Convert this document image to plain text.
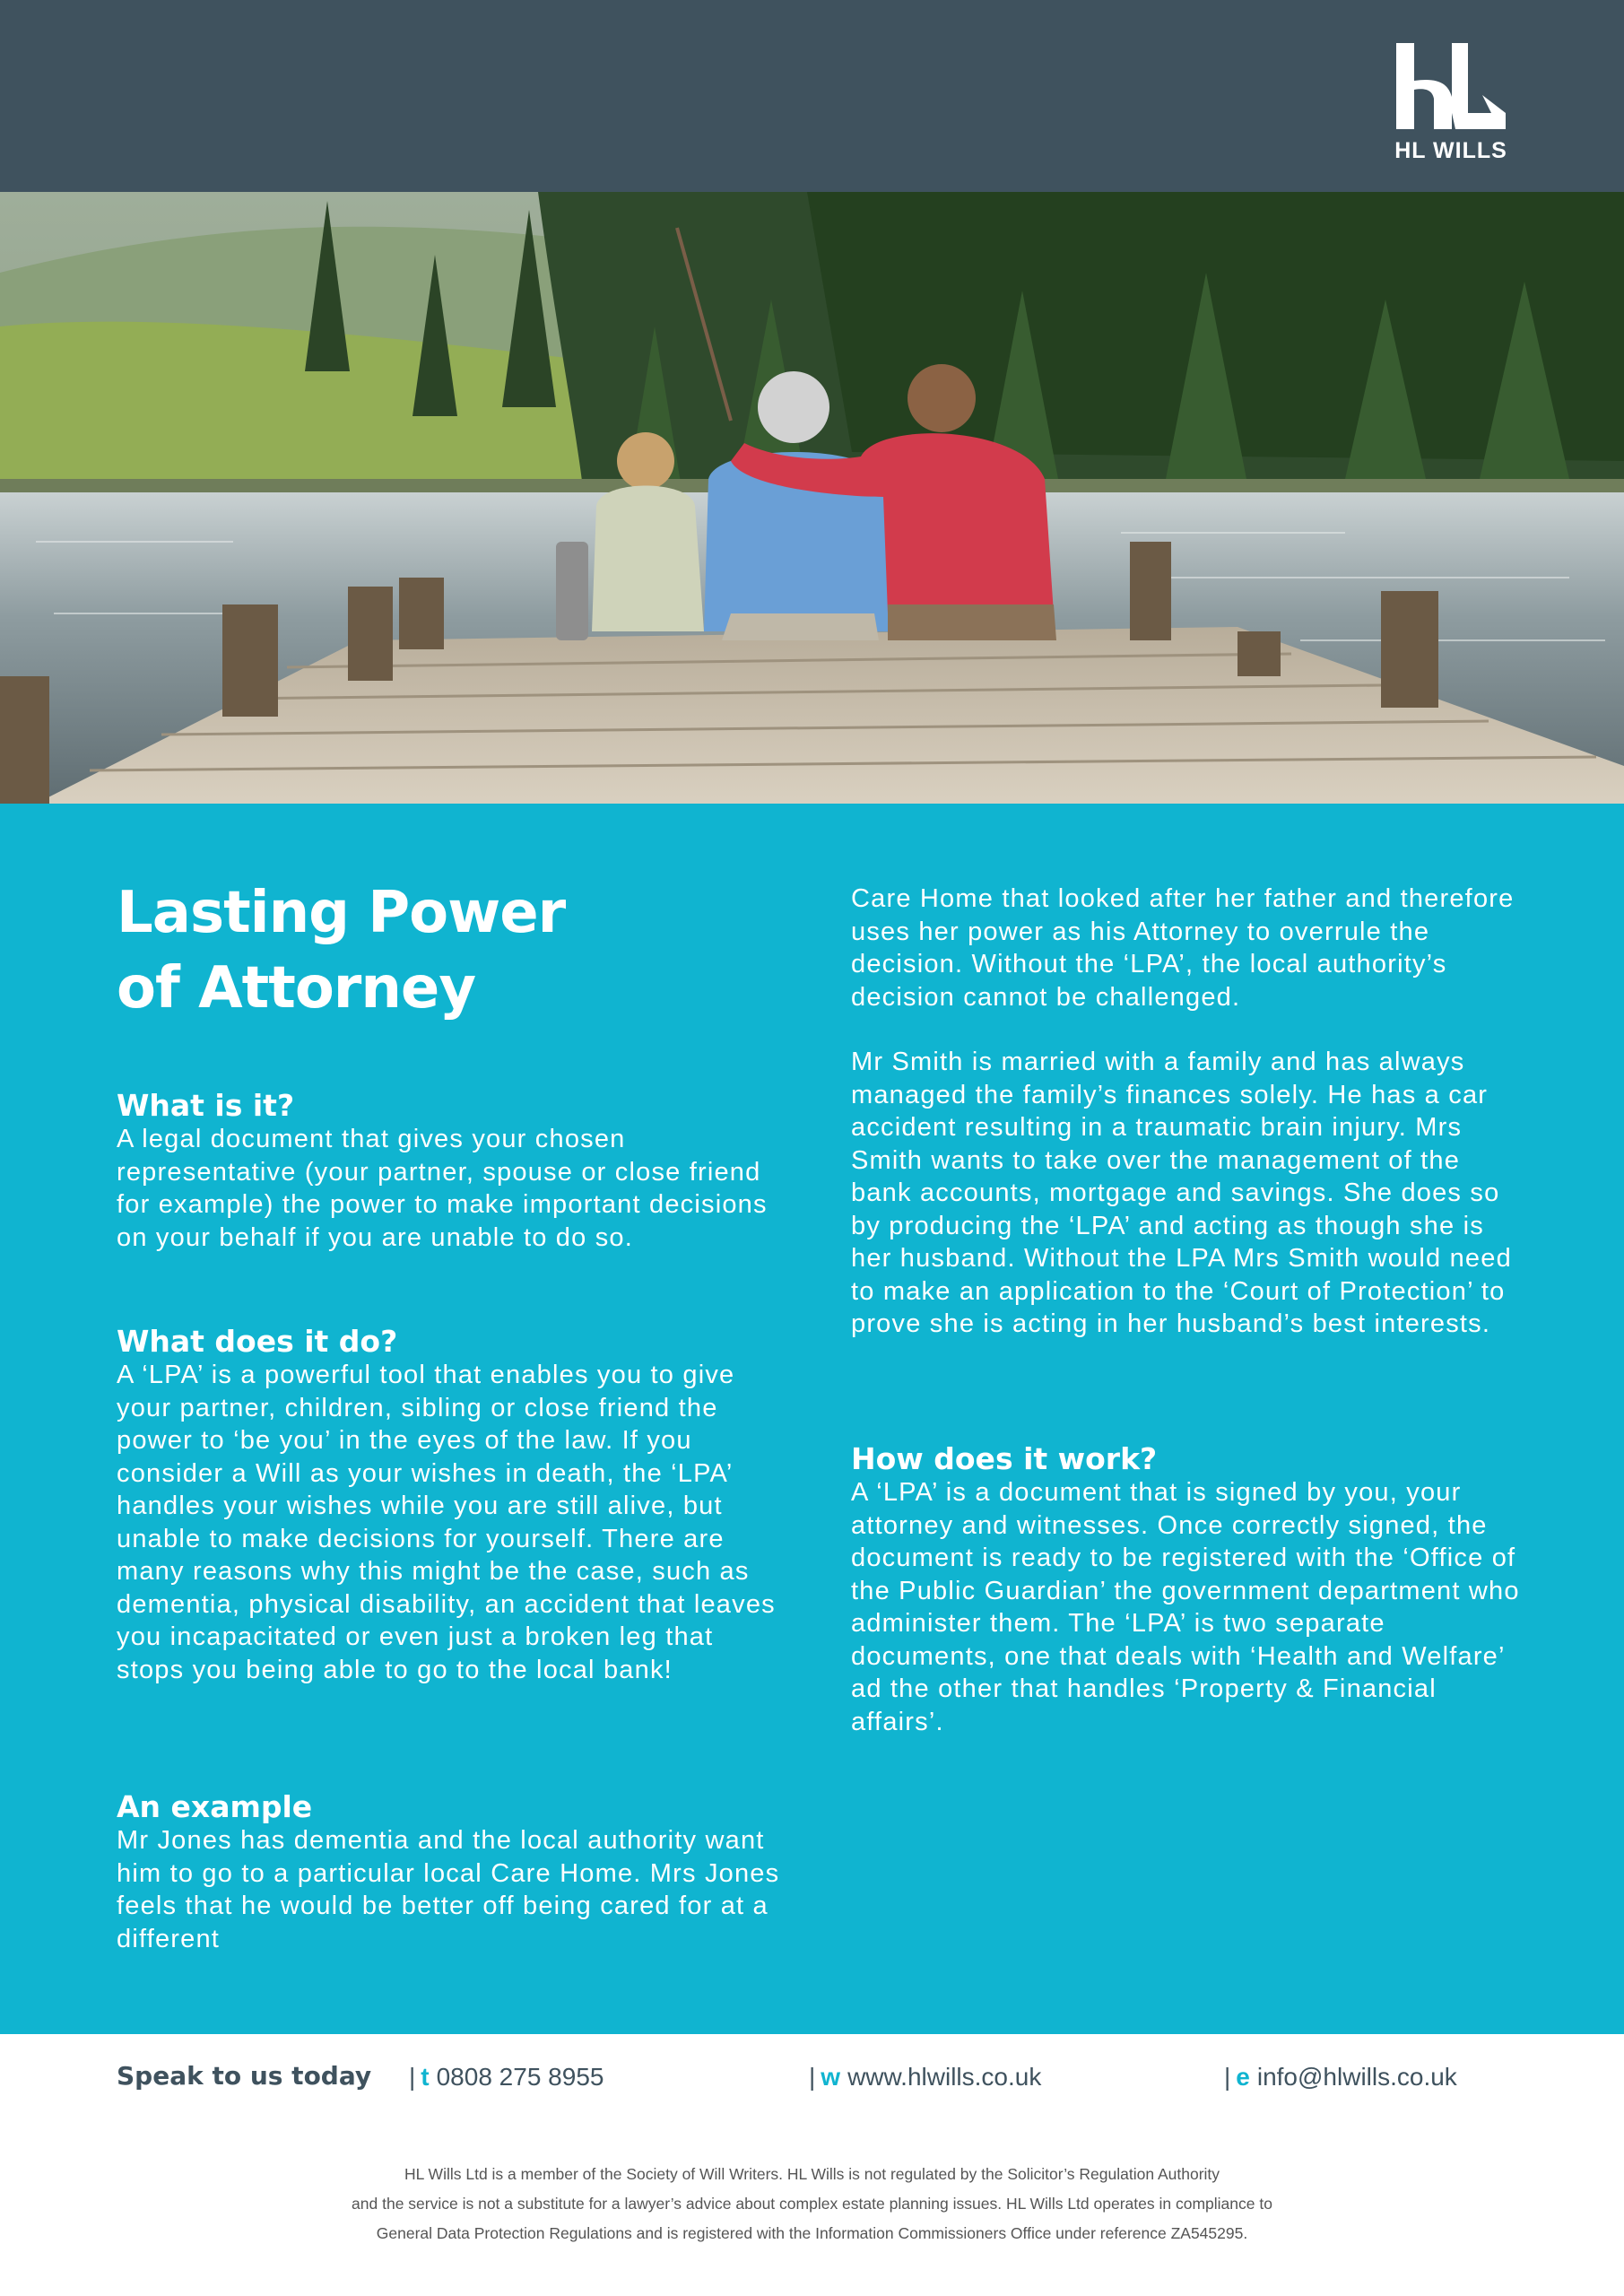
HL WILLS
Lasting Power
of Attorney
What is it?

A legal document that gives your chosen representative (your partner, spouse or close friend for example) the power to make important decisions on your behalf if you are unable to do so.

What does it do?

A ‘LPA’ is a powerful tool that enables you to give your partner, children, sibling or close friend the power to ‘be you’ in the eyes of the law. If you consider a Will as your wishes in death, the ‘LPA’ handles your wishes while you are still alive, but unable to make decisions for yourself. There are many reasons why this might be the case, such as dementia, physical disability, an accident that leaves you incapacitated or even just a broken leg that stops you being able to go to the local bank!

An example

Mr Jones has dementia and the local authority want him to go to a particular local Care Home. Mrs Jones feels that he would be better off being cared for at a different

Care Home that looked after her father and therefore uses her power as his Attorney to overrule the decision. Without the ‘LPA’, the local authority’s decision cannot be challenged.

Mr Smith is married with a family and has always managed the family’s finances solely. He has a car accident resulting in a traumatic brain injury. Mrs Smith wants to take over the management of the bank accounts, mortgage and savings. She does so by producing the ‘LPA’ and acting as though she is her husband. Without the LPA Mrs Smith would need to make an application to the ‘Court of Protection’ to prove she is acting in her husband’s best interests.

How does it work?

A ‘LPA’ is a document that is signed by you, your attorney and witnesses. Once correctly signed, the document is ready to be registered with the ‘Office of the Public Guardian’ the government department who administer them. The ‘LPA’ is two separate documents, one that deals with ‘Health and Welfare’ ad the other that handles ‘Property & Financial affairs’.

Speak to us today | t 0808 275 8955	| w www.hlwills.co.uk	| e info@hlwills.co.uk
HL Wills Ltd is a member of the Society of Will Writers. HL Wills is not regulated by the Solicitor’s Regulation Authority
and the service is not a substitute for a lawyer’s advice about complex estate planning issues. HL Wills Ltd operates in compliance to
General Data Protection Regulations and is registered with the Information Commissioners Office under reference ZA545295.
